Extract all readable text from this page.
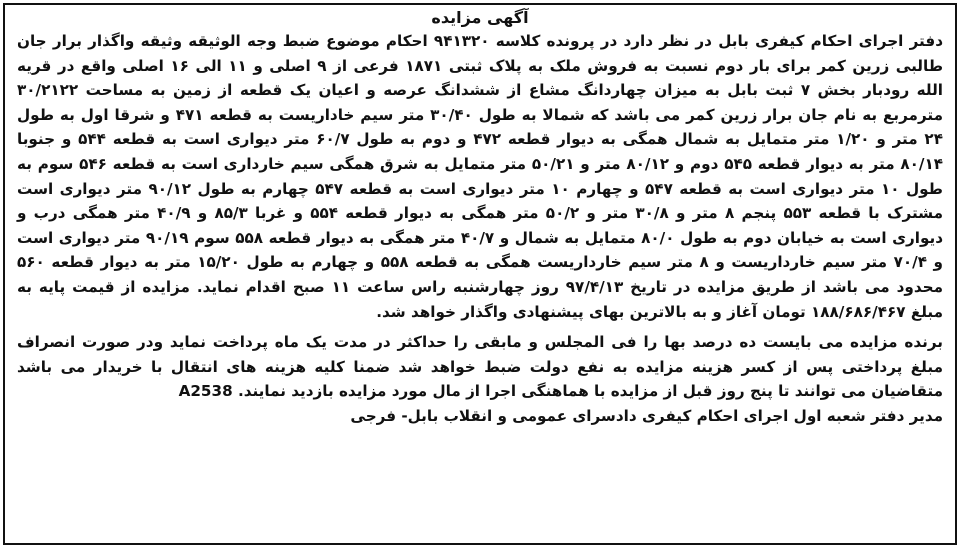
آگهی مزایده

دفتر اجرای احکام کیفری بابل در نظر دارد در پرونده کلاسه ۹۴۱۳۲۰ احکام موضوع ضبط وجه الوثیقه وثیقه واگذار برار جان طالبی زرین کمر برای بار دوم نسبت به فروش ملک به پلاک ثبتی ۱۸۷۱ فرعی از ۹ اصلی و ۱۱ الی ۱۶ اصلی واقع در قریه الله رودبار بخش ۷ ثبت بابل به میزان چهاردانگ مشاع از ششدانگ عرصه و اعیان یک قطعه از زمین به مساحت ۳۰/۲۱۲۲ مترمربع به نام جان برار زرین کمر می باشد که شمالا به طول ۳۰/۴۰ متر سیم خاداریست به قطعه ۴۷۱ و شرقا اول به طول ۲۴ متر و ۱/۲۰ متر متمایل به شمال همگی به دیوار قطعه ۴۷۲ و دوم به طول ۶۰/۷ متر دیواری است به قطعه ۵۴۴ و جنوبا ۸۰/۱۴ متر به دیوار قطعه ۵۴۵ دوم و ۸۰/۱۲ متر و ۵۰/۲۱ متر متمایل به شرق همگی سیم خارداری است به قطعه ۵۴۶ سوم به طول ۱۰ متر دیواری است به قطعه ۵۴۷ و چهارم ۱۰ متر دیواری است به قطعه ۵۴۷ چهارم به طول ۹۰/۱۲ متر دیواری است مشترک با قطعه ۵۵۳ پنجم ۸ متر و ۳۰/۸ متر و ۵۰/۲ متر همگی به دیوار قطعه ۵۵۴ و غربا ۸۵/۳ و ۴۰/۹ متر همگی درب و دیواری است به خیابان دوم به طول ۸۰/۰ متمایل به شمال و ۴۰/۷ متر همگی به دیوار قطعه ۵۵۸ سوم ۹۰/۱۹ متر دیواری است و ۷۰/۴ متر سیم خارداریست و ۸ متر سیم خارداریست همگی به قطعه ۵۵۸ و چهارم به طول ۱۵/۲۰ متر به دیوار قطعه ۵۶۰ محدود می باشد از طریق مزایده در تاریخ ۹۷/۴/۱۳ روز چهارشنبه راس ساعت ۱۱ صبح اقدام نماید. مزایده از قیمت پایه به مبلغ ۱۸۸/۶۸۶/۴۶۷ تومان آغاز و به بالاترین بهای پیشنهادی واگذار خواهد شد.

برنده مزایده می بایست ده درصد بها را فی المجلس و مابقی را حداکثر در مدت یک ماه پرداخت نماید ودر صورت انصراف مبلغ پرداختی پس از کسر هزینه مزایده به نفع دولت ضبط خواهد شد ضمنا کلیه هزینه های انتقال با خریدار می باشد متقاضیان می توانند تا پنج روز قبل از مزایده با هماهنگی اجرا از مال مورد مزایده بازدید نمایند. A2538

مدیر دفتر شعبه اول اجرای احکام کیفری دادسرای عمومی و انقلاب بابل- فرجی
